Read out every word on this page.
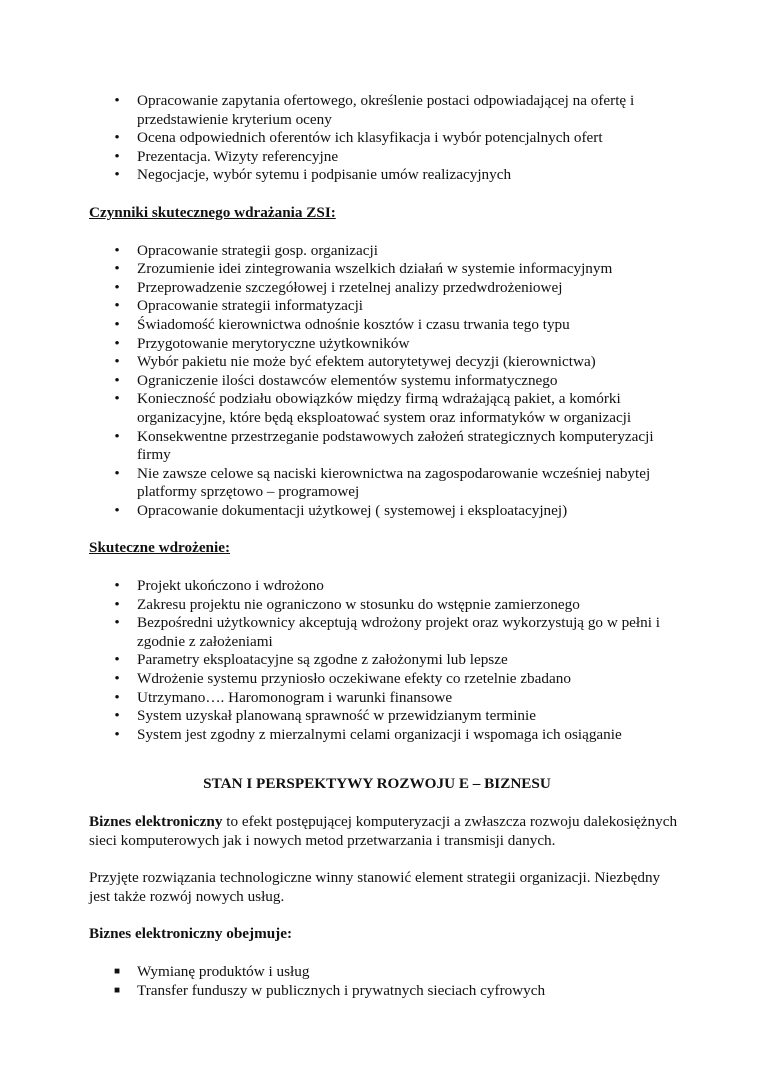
• Opracowanie zapytania ofertowego, określenie postaci odpowiadającej na ofertę i przedstawienie kryterium oceny
• Ocena odpowiednich oferentów ich klasyfikacja i wybór potencjalnych ofert
• Prezentacja. Wizyty referencyjne
• Negocjacje, wybór sytemu i podpisanie umów realizacyjnych
Czynniki skutecznego wdrażania ZSI:
• Opracowanie strategii gosp. organizacji
• Zrozumienie idei zintegrowania wszelkich działań w systemie informacyjnym
• Przeprowadzenie szczegółowej i rzetelnej analizy przedwdrożeniowej
• Opracowanie strategii informatyzacji
• Świadomość kierownictwa odnośnie kosztów i czasu trwania tego typu
• Przygotowanie merytoryczne użytkowników
• Wybór pakietu nie może być efektem autorytetywej decyzji (kierownictwa)
• Ograniczenie ilości dostawców elementów systemu informatycznego
• Konieczność podziału obowiązków między firmą wdrażającą pakiet, a komórki organizacyjne, które będą eksploatować system oraz informatyków w organizacji
• Konsekwentne przestrzeganie podstawowych założeń strategicznych komputeryzacji firmy
• Nie zawsze celowe są naciski kierownictwa na zagospodarowanie wcześniej nabytej platformy sprzętowo – programowej
• Opracowanie dokumentacji użytkowej ( systemowej i eksploatacyjnej)
Skuteczne wdrożenie:
• Projekt ukończono i wdrożono
• Zakresu projektu nie ograniczono w stosunku do wstępnie zamierzonego
• Bezpośredni użytkownicy akceptują wdrożony projekt oraz wykorzystują go w pełni i zgodnie z założeniami
• Parametry eksploatacyjne są zgodne z założonymi lub lepsze
• Wdrożenie systemu przyniosło oczekiwane efekty co rzetelnie zbadano
• Utrzymano…. Haromonogram i warunki finansowe
• System uzyskał planowaną sprawność w przewidzianym terminie
• System jest zgodny z mierzalnymi celami organizacji i wspomaga ich osiąganie
STAN I PERSPEKTYWY ROZWOJU E – BIZNESU

Biznes elektroniczny to efekt postępującej komputeryzacji a zwłaszcza rozwoju dalekosiężnych sieci komputerowych jak i nowych metod przetwarzania i transmisji danych.

Przyjęte rozwiązania technologiczne winny stanowić element strategii organizacji. Niezbędny jest także rozwój nowych usług.

Biznes elektroniczny obejmuje:
■ Wymianę produktów i usług
■ Transfer funduszy w publicznych i prywatnych sieciach cyfrowych
